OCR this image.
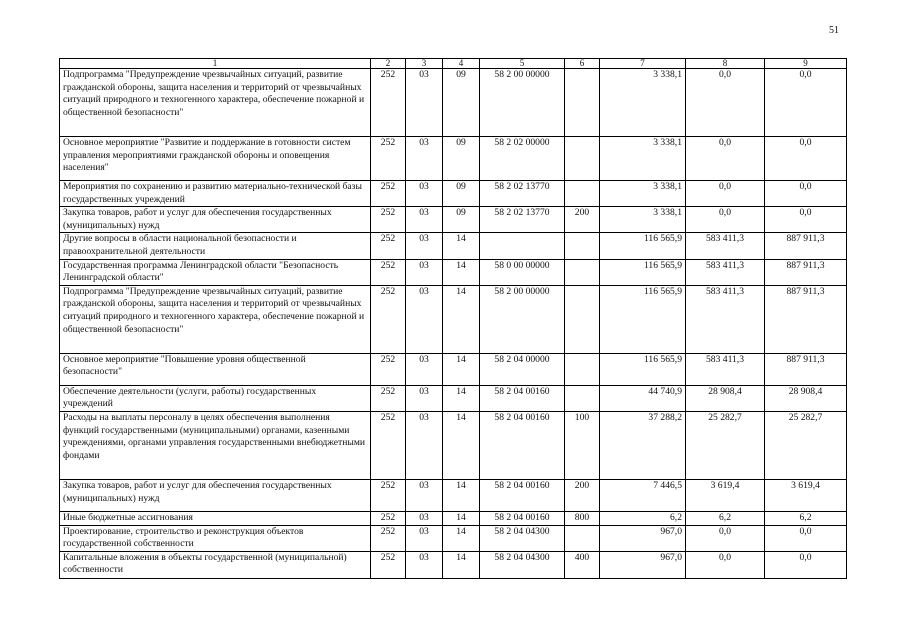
51
1	2	3	4	5	6	7	8	9
Подпрограмма "Предупреждение чрезвычайных ситуаций, развитие гражданской обороны, защита населения и территорий от чрезвычайных ситуаций природного и техногенного характера, обеспечение пожарной и общественной безопасности"	252	03	09	58 2 00 00000		3 338,1	0,0	0,0
Основное мероприятие "Развитие и поддержание в готовности систем управления мероприятиями гражданской обороны и оповещения населения"	252	03	09	58 2 02 00000		3 338,1	0,0	0,0
Мероприятия по сохранению и развитию материально-технической базы государственных учреждений	252	03	09	58 2 02 13770		3 338,1	0,0	0,0
Закупка товаров, работ и услуг для обеспечения государственных (муниципальных) нужд	252	03	09	58 2 02 13770	200	3 338,1	0,0	0,0
Другие вопросы в области национальной безопасности и правоохранительной деятельности	252	03	14			116 565,9	583 411,3	887 911,3
Государственная программа Ленинградской области "Безопасность Ленинградской области"	252	03	14	58 0 00 00000		116 565,9	583 411,3	887 911,3
Подпрограмма "Предупреждение чрезвычайных ситуаций, развитие гражданской обороны, защита населения и территорий от чрезвычайных ситуаций природного и техногенного характера, обеспечение пожарной и общественной безопасности"	252	03	14	58 2 00 00000		116 565,9	583 411,3	887 911,3
Основное мероприятие "Повышение уровня общественной безопасности"	252	03	14	58 2 04 00000		116 565,9	583 411,3	887 911,3
Обеспечение деятельности (услуги, работы) государственных учреждений	252	03	14	58 2 04 00160		44 740,9	28 908,4	28 908,4
Расходы на выплаты персоналу в целях обеспечения выполнения функций государственными (муниципальными) органами, казенными учреждениями, органами управления государственными внебюджетными фондами	252	03	14	58 2 04 00160	100	37 288,2	25 282,7	25 282,7
Закупка товаров, работ и услуг для обеспечения государственных (муниципальных) нужд	252	03	14	58 2 04 00160	200	7 446,5	3 619,4	3 619,4
Иные бюджетные ассигнования	252	03	14	58 2 04 00160	800	6,2	6,2	6,2
Проектирование, строительство и реконструкция объектов государственной собственности	252	03	14	58 2 04 04300		967,0	0,0	0,0
Капитальные вложения в объекты государственной (муниципальной) собственности	252	03	14	58 2 04 04300	400	967,0	0,0	0,0
